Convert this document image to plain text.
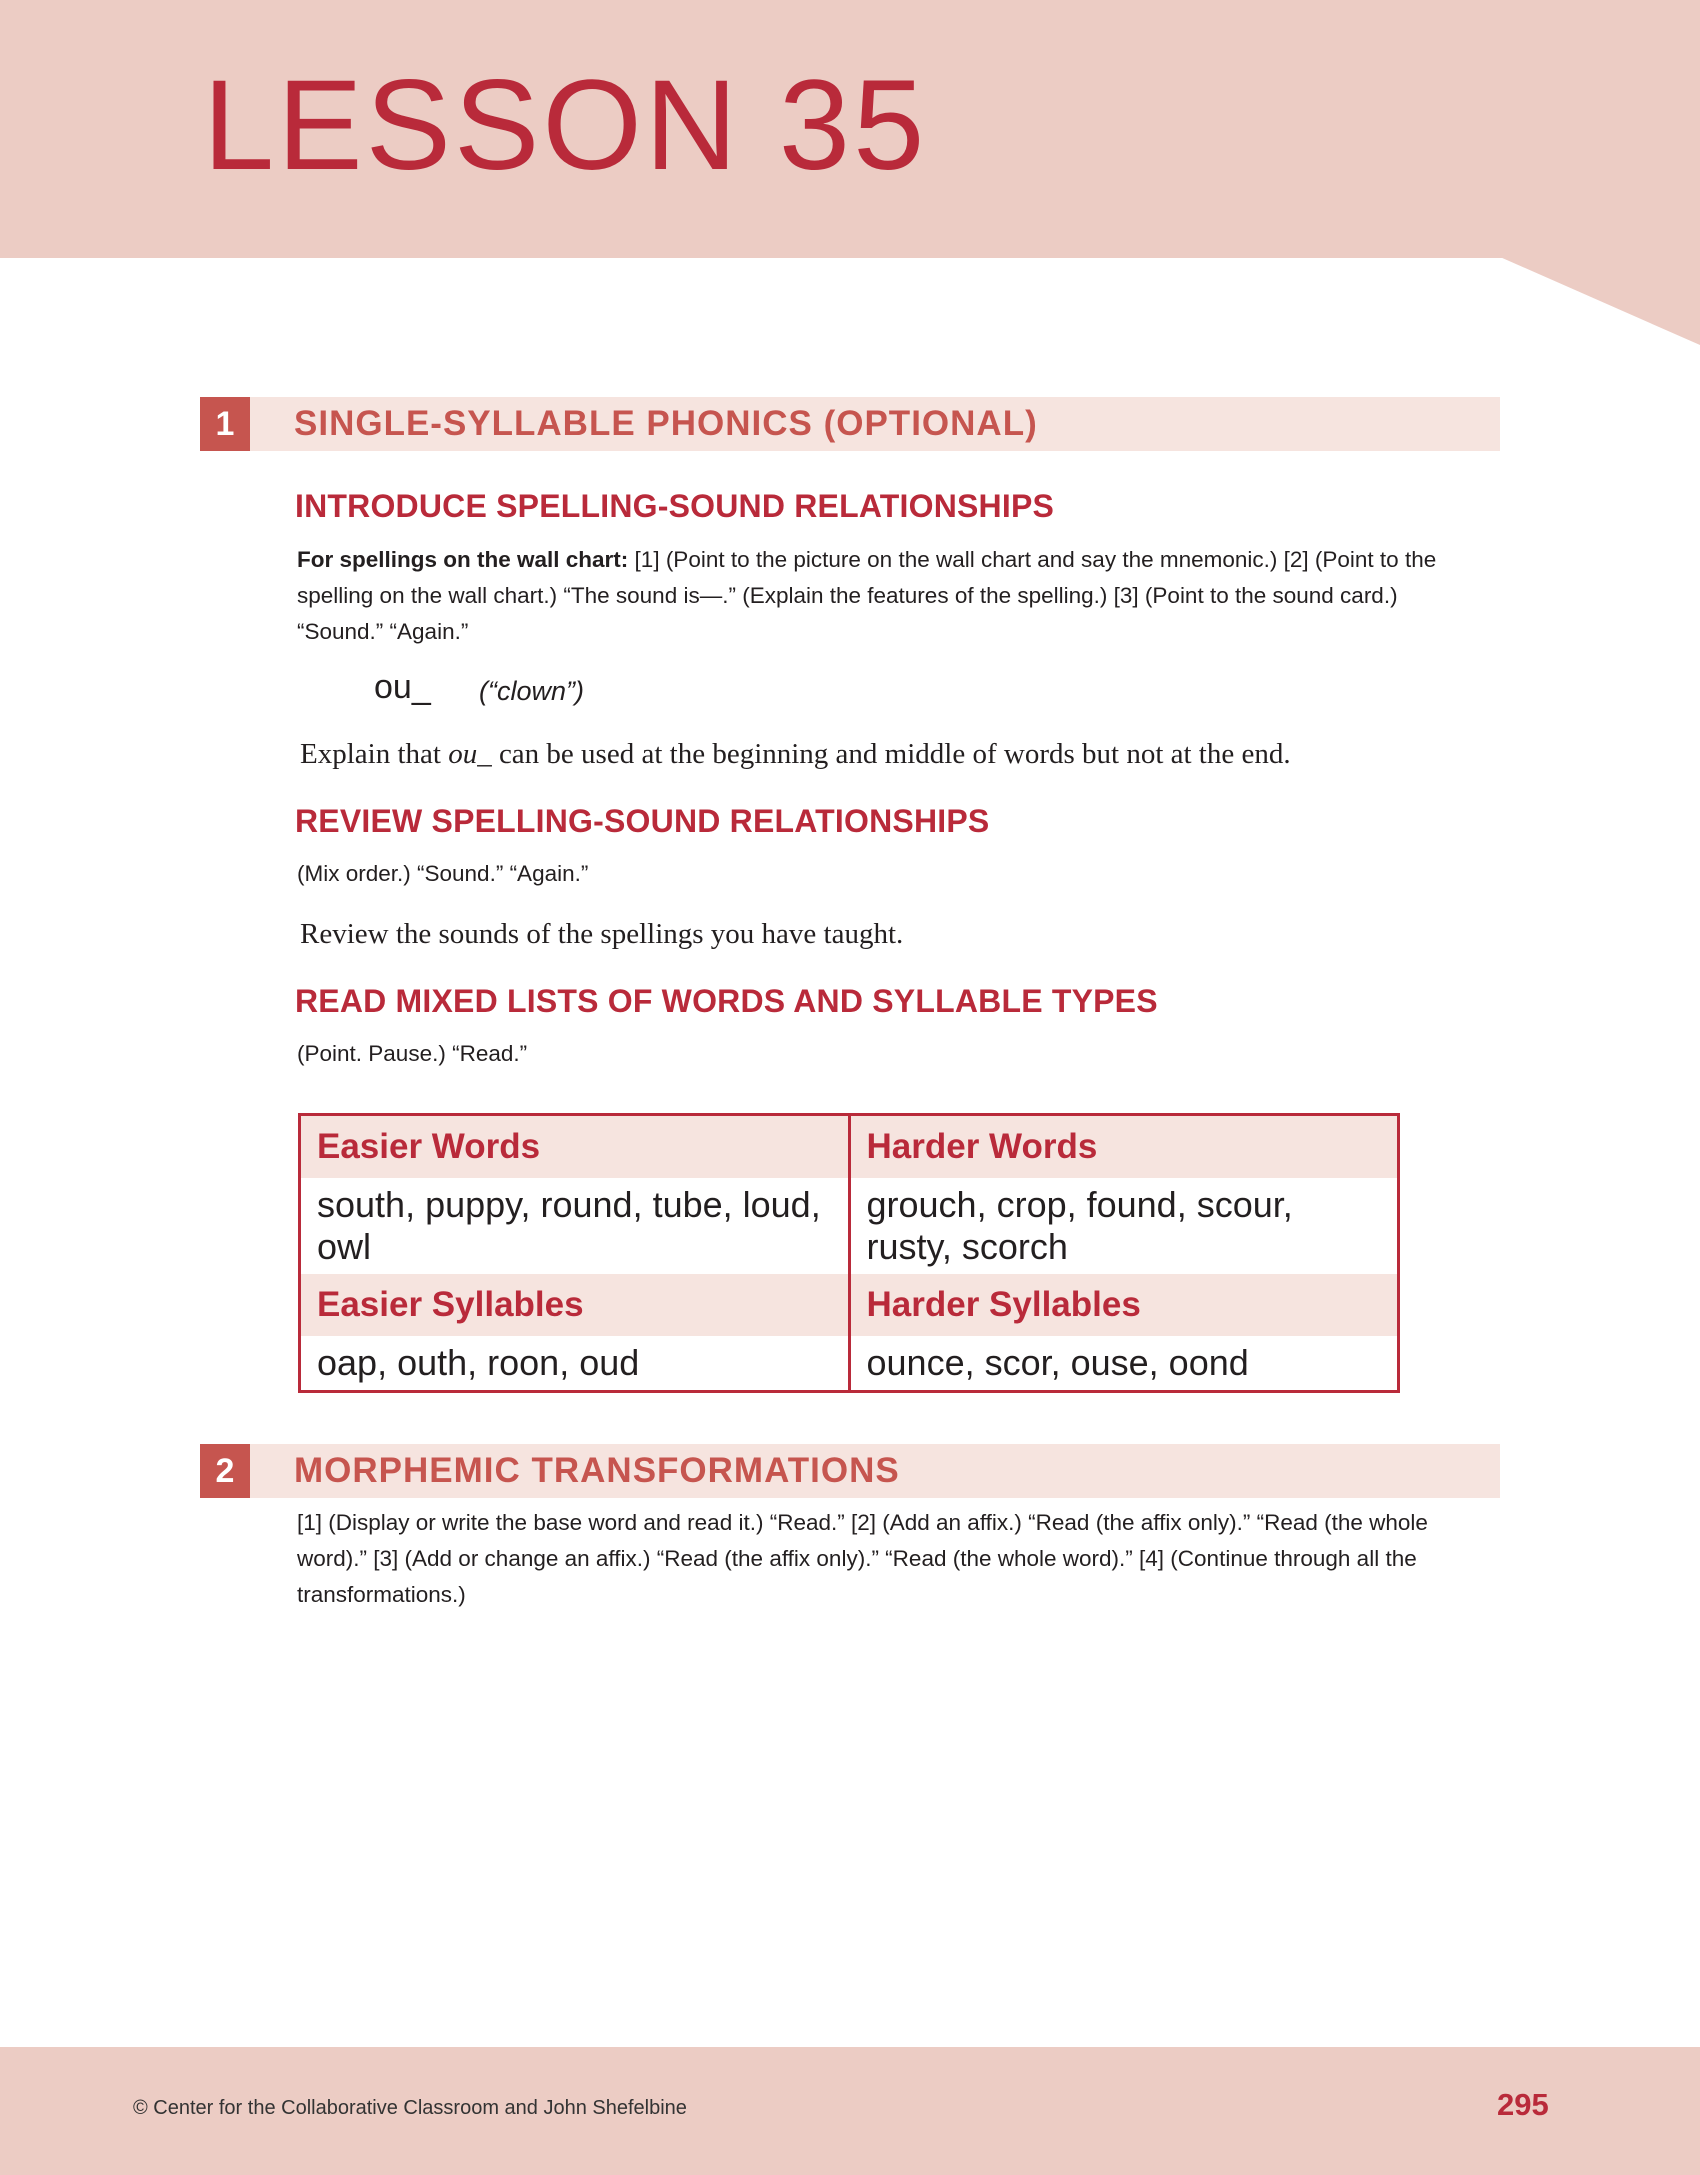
LESSON 35
1	SINGLE-SYLLABLE PHONICS (OPTIONAL)
INTRODUCE SPELLING-SOUND RELATIONSHIPS

For spellings on the wall chart: [1] (Point to the picture on the wall chart and say the mnemonic.) [2] (Point to the spelling on the wall chart.) “The sound is—.” (Explain the features of the spelling.) [3] (Point to the sound card.) “Sound.” “Again.”

ou_ (“clown”)

Explain that ou_ can be used at the beginning and middle of words but not at the end.

REVIEW SPELLING-SOUND RELATIONSHIPS

(Mix order.) “Sound.” “Again.”

Review the sounds of the spellings you have taught.

READ MIXED LISTS OF WORDS AND SYLLABLE TYPES

(Point. Pause.) “Read.”

Easier Words	Harder Words
south, puppy, round, tube, loud, owl	grouch, crop, found, scour, rusty, scorch
Easier Syllables	Harder Syllables
oap, outh, roon, oud	ounce, scor, ouse, oond
2	MORPHEMIC TRANSFORMATIONS

[1] (Display or write the base word and read it.) “Read.” [2] (Add an affix.) “Read (the affix only).” “Read (the whole word).” [3] (Add or change an affix.) “Read (the affix only).” “Read (the whole word).” [4] (Continue through all the transformations.)

© Center for the Collaborative Classroom and John Shefelbine	295
